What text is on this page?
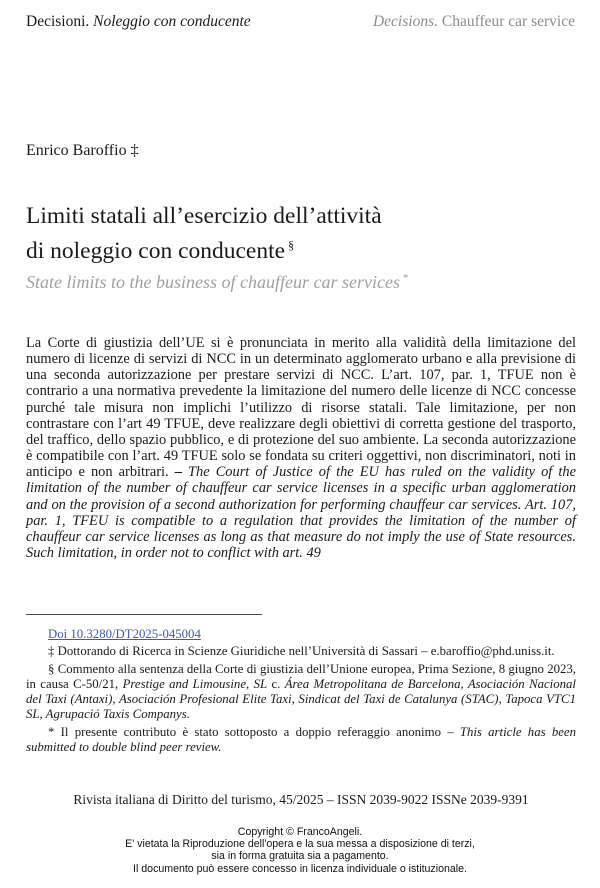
Decisioni. Noleggio con conducente	Decisions. Chauffeur car service
Enrico Baroffio ‡
Limiti statali all’esercizio dell’attività
di noleggio con conducente §
State limits to the business of chauffeur car services *
La Corte di giustizia dell’UE si è pronunciata in merito alla validità della limitazione del numero di licenze di servizi di NCC in un determinato agglomerato urbano e alla previsione di una seconda autorizzazione per prestare servizi di NCC. L’art. 107, par. 1, TFUE non è contrario a una normativa prevedente la limitazione del numero delle licenze di NCC concesse purché tale misura non implichi l’utilizzo di risorse statali. Tale limitazione, per non contrastare con l’art 49 TFUE, deve realizzare degli obiettivi di corretta gestione del trasporto, del traffico, dello spazio pubblico, e di protezione del suo ambiente. La seconda autorizzazione è compatibile con l’art. 49 TFUE solo se fondata su criteri oggettivi, non discriminatori, noti in anticipo e non arbitrari. – The Court of Justice of the EU has ruled on the validity of the limitation of the number of chauffeur car service licenses in a specific urban agglomeration and on the provision of a second authorization for performing chauffeur car services. Art. 107, par. 1, TFEU is compatible to a regulation that provides the limitation of the number of chauffeur car service licenses as long as that measure do not imply the use of State resources. Such limitation, in order not to conflict with art. 49

Doi 10.3280/DT2025-045004

‡ Dottorando di Ricerca in Scienze Giuridiche nell’Università di Sassari – e.baroffio@phd.uniss.it.

§ Commento alla sentenza della Corte di giustizia dell’Unione europea, Prima Sezione, 8 giugno 2023, in causa C-50/21, Prestige and Limousine, SL c. Área Metropolitana de Barcelona, Asociación Nacional del Taxi (Antaxi), Asociación Profesional Elite Taxi, Sindicat del Taxi de Catalunya (STAC), Tapoca VTC1 SL, Agrupació Taxis Companys.

* Il presente contributo è stato sottoposto a doppio referaggio anonimo – This article has been submitted to double blind peer review.

Rivista italiana di Diritto del turismo, 45/2025 – ISSN 2039-9022 ISSNe 2039-9391
Copyright © FrancoAngeli.
E' vietata la Riproduzione dell'opera e la sua messa a disposizione di terzi,
sia in forma gratuita sia a pagamento.
Il documento può essere concesso in licenza individuale o istituzionale.
